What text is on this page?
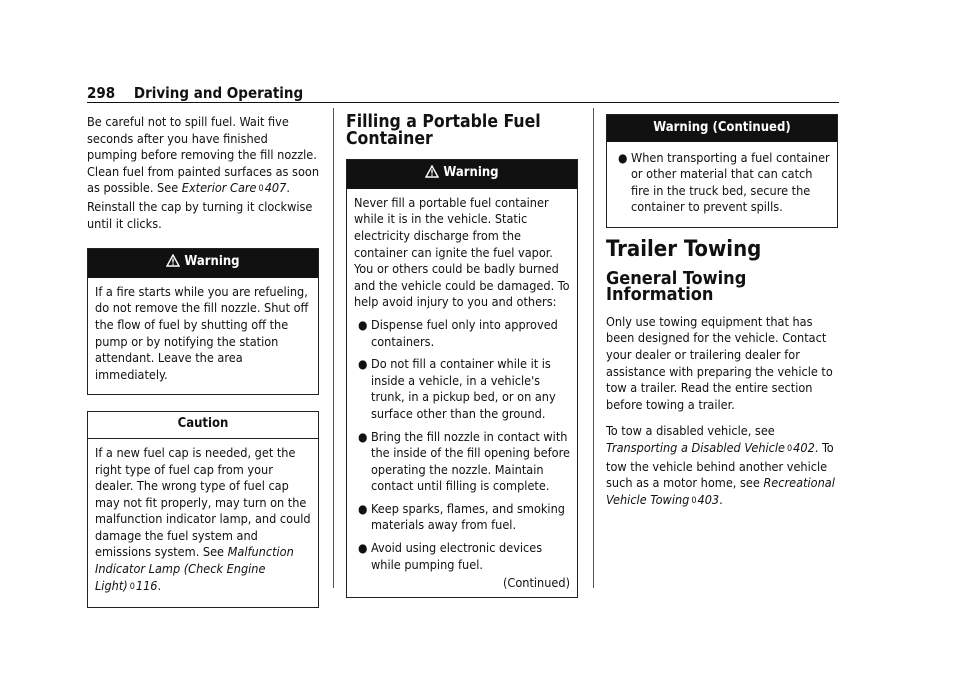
298 Driving and Operating

Be careful not to spill fuel. Wait five seconds after you have finished pumping before removing the fill nozzle. Clean fuel from painted surfaces as soon as possible. See Exterior Care 0407. Reinstall the cap by turning it clockwise until it clicks.

Warning

If a fire starts while you are refueling, do not remove the fill nozzle. Shut off the flow of fuel by shutting off the pump or by notifying the station attendant. Leave the area immediately.

Caution

If a new fuel cap is needed, get the right type of fuel cap from your dealer. The wrong type of fuel cap may not fit properly, may turn on the malfunction indicator lamp, and could damage the fuel system and emissions system. See Malfunction Indicator Lamp (Check Engine Light) 0116.

Filling a Portable Fuel Container
Warning

Never fill a portable fuel container while it is in the vehicle. Static electricity discharge from the container can ignite the fuel vapor. You or others could be badly burned and the vehicle could be damaged. To help avoid injury to you and others:

● Dispense fuel only into approved containers.
● Do not fill a container while it is inside a vehicle, in a vehicle's trunk, in a pickup bed, or on any surface other than the ground.
● Bring the fill nozzle in contact with the inside of the fill opening before operating the nozzle. Maintain contact until filling is complete.
● Keep sparks, flames, and smoking materials away from fuel.
● Avoid using electronic devices while pumping fuel.
(Continued)
Warning (Continued)
● When transporting a fuel container or other material that can catch fire in the truck bed, secure the container to prevent spills.
Trailer Towing
General Towing Information

Only use towing equipment that has been designed for the vehicle. Contact your dealer or trailering dealer for assistance with preparing the vehicle to tow a trailer. Read the entire section before towing a trailer.

To tow a disabled vehicle, see Transporting a Disabled Vehicle 0402. To tow the vehicle behind another vehicle such as a motor home, see Recreational Vehicle Towing 0403.
